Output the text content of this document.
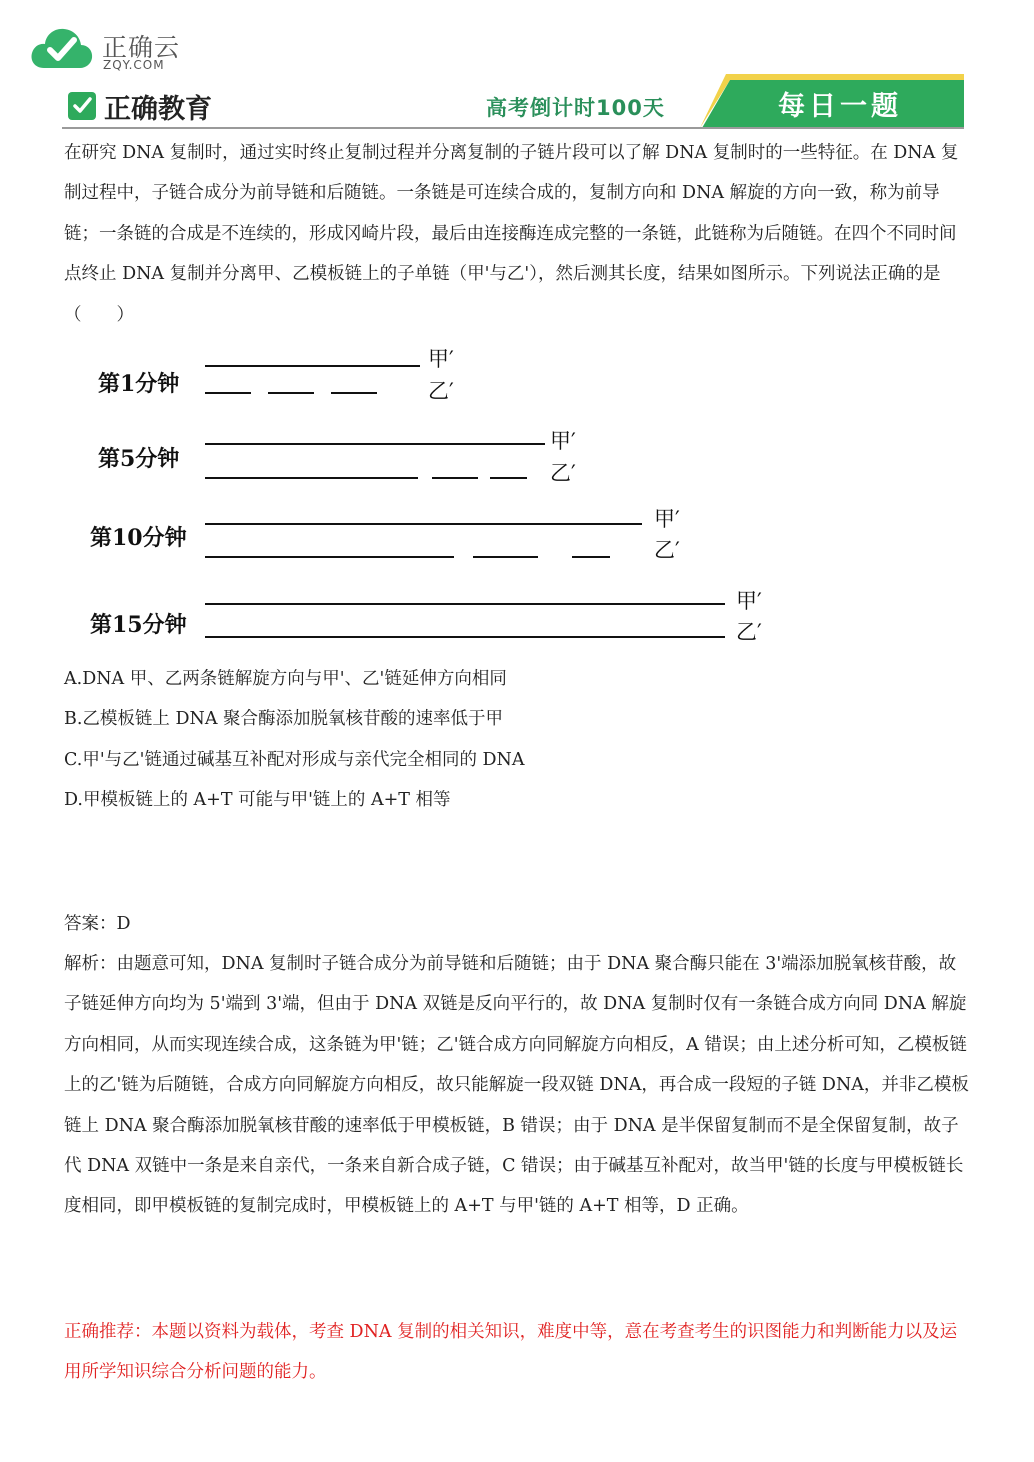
正确云
ZQY.COM
正确教育	高考倒计时100天	每日一题

在研究 DNA 复制时，通过实时终止复制过程并分离复制的子链片段可以了解 DNA 复制时的一些特征。在 DNA 复制过程中，子链合成分为前导链和后随链。一条链是可连续合成的，复制方向和 DNA 解旋的方向一致，称为前导链；一条链的合成是不连续的，形成冈崎片段，最后由连接酶连成完整的一条链，此链称为后随链。在四个不同时间点终止 DNA 复制并分离甲、乙模板链上的子单链（甲'与乙'），然后测其长度，结果如图所示。下列说法正确的是（　　）

第1分钟
甲′
乙′
第5分钟
甲′
乙′
第10分钟
甲′
乙′
第15分钟
甲′
乙′

A.DNA 甲、乙两条链解旋方向与甲'、乙'链延伸方向相同

B.乙模板链上 DNA 聚合酶添加脱氧核苷酸的速率低于甲

C.甲'与乙'链通过碱基互补配对形成与亲代完全相同的 DNA

D.甲模板链上的 A+T 可能与甲'链上的 A+T 相等

答案：D

解析：由题意可知，DNA 复制时子链合成分为前导链和后随链；由于 DNA 聚合酶只能在 3'端添加脱氧核苷酸，故子链延伸方向均为 5'端到 3'端，但由于 DNA 双链是反向平行的，故 DNA 复制时仅有一条链合成方向同 DNA 解旋方向相同，从而实现连续合成，这条链为甲'链；乙'链合成方向同解旋方向相反，A 错误；由上述分析可知，乙模板链上的乙'链为后随链，合成方向同解旋方向相反，故只能解旋一段双链 DNA，再合成一段短的子链 DNA，并非乙模板链上 DNA 聚合酶添加脱氧核苷酸的速率低于甲模板链，B 错误；由于 DNA 是半保留复制而不是全保留复制，故子代 DNA 双链中一条是来自亲代，一条来自新合成子链，C 错误；由于碱基互补配对，故当甲'链的长度与甲模板链长度相同，即甲模板链的复制完成时，甲模板链上的 A+T 与甲'链的 A+T 相等，D 正确。

正确推荐：本题以资料为载体，考查 DNA 复制的相关知识，难度中等，意在考查考生的识图能力和判断能力以及运用所学知识综合分析问题的能力。
